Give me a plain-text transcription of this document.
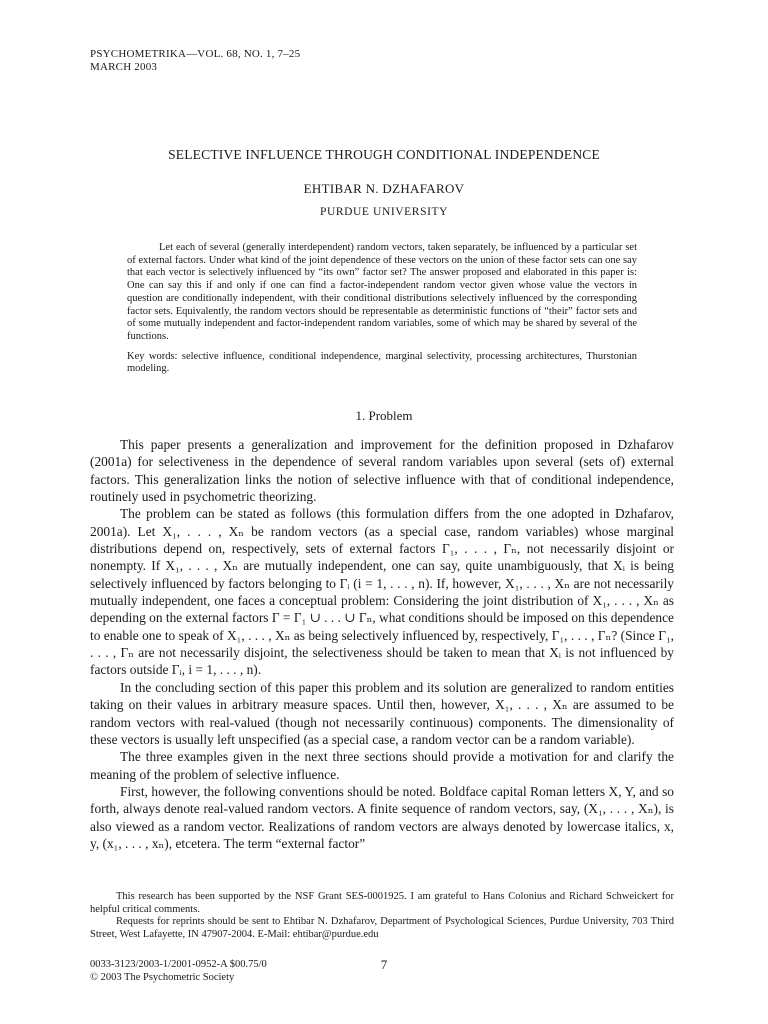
PSYCHOMETRIKA—VOL. 68, NO. 1, 7–25
MARCH 2003
SELECTIVE INFLUENCE THROUGH CONDITIONAL INDEPENDENCE
EHTIBAR N. DZHAFAROV
PURDUE UNIVERSITY

Let each of several (generally interdependent) random vectors, taken separately, be influenced by a particular set of external factors. Under what kind of the joint dependence of these vectors on the union of these factor sets can one say that each vector is selectively influenced by “its own” factor set? The answer proposed and elaborated in this paper is: One can say this if and only if one can find a factor-independent random vector given whose value the vectors in question are conditionally independent, with their conditional distributions selectively influenced by the corresponding factor sets. Equivalently, the random vectors should be representable as deterministic functions of “their” factor sets and of some mutually independent and factor-independent random variables, some of which may be shared by several of the functions.

Key words: selective influence, conditional independence, marginal selectivity, processing architectures, Thurstonian modeling.

1. Problem

This paper presents a generalization and improvement for the definition proposed in Dzhafarov (2001a) for selectiveness in the dependence of several random variables upon several (sets of) external factors. This generalization links the notion of selective influence with that of conditional independence, routinely used in psychometric theorizing.

The problem can be stated as follows (this formulation differs from the one adopted in Dzhafarov, 2001a). Let X₁, . . . , Xₙ be random vectors (as a special case, random variables) whose marginal distributions depend on, respectively, sets of external factors Γ₁, . . . , Γₙ, not necessarily disjoint or nonempty. If X₁, . . . , Xₙ are mutually independent, one can say, quite unambiguously, that Xᵢ is being selectively influenced by factors belonging to Γᵢ (i = 1, . . . , n). If, however, X₁, . . . , Xₙ are not necessarily mutually independent, one faces a conceptual problem: Considering the joint distribution of X₁, . . . , Xₙ as depending on the external factors Γ = Γ₁ ∪ . . . ∪ Γₙ, what conditions should be imposed on this dependence to enable one to speak of X₁, . . . , Xₙ as being selectively influenced by, respectively, Γ₁, . . . , Γₙ? (Since Γ₁, . . . , Γₙ are not necessarily disjoint, the selectiveness should be taken to mean that Xᵢ is not influenced by factors outside Γᵢ, i = 1, . . . , n).

In the concluding section of this paper this problem and its solution are generalized to random entities taking on their values in arbitrary measure spaces. Until then, however, X₁, . . . , Xₙ are assumed to be random vectors with real-valued (though not necessarily continuous) components. The dimensionality of these vectors is usually left unspecified (as a special case, a random vector can be a random variable).

The three examples given in the next three sections should provide a motivation for and clarify the meaning of the problem of selective influence.

First, however, the following conventions should be noted. Boldface capital Roman letters X, Y, and so forth, always denote real-valued random vectors. A finite sequence of random vectors, say, (X₁, . . . , Xₙ), is also viewed as a random vector. Realizations of random vectors are always denoted by lowercase italics, x, y, (x₁, . . . , xₙ), etcetera. The term “external factor”

This research has been supported by the NSF Grant SES-0001925. I am grateful to Hans Colonius and Richard Schweickert for helpful critical comments.

Requests for reprints should be sent to Ehtibar N. Dzhafarov, Department of Psychological Sciences, Purdue University, 703 Third Street, West Lafayette, IN 47907-2004. E-Mail: ehtibar@purdue.edu

0033-3123/2003-1/2001-0952-A $00.75/0
© 2003 The Psychometric Society
7
